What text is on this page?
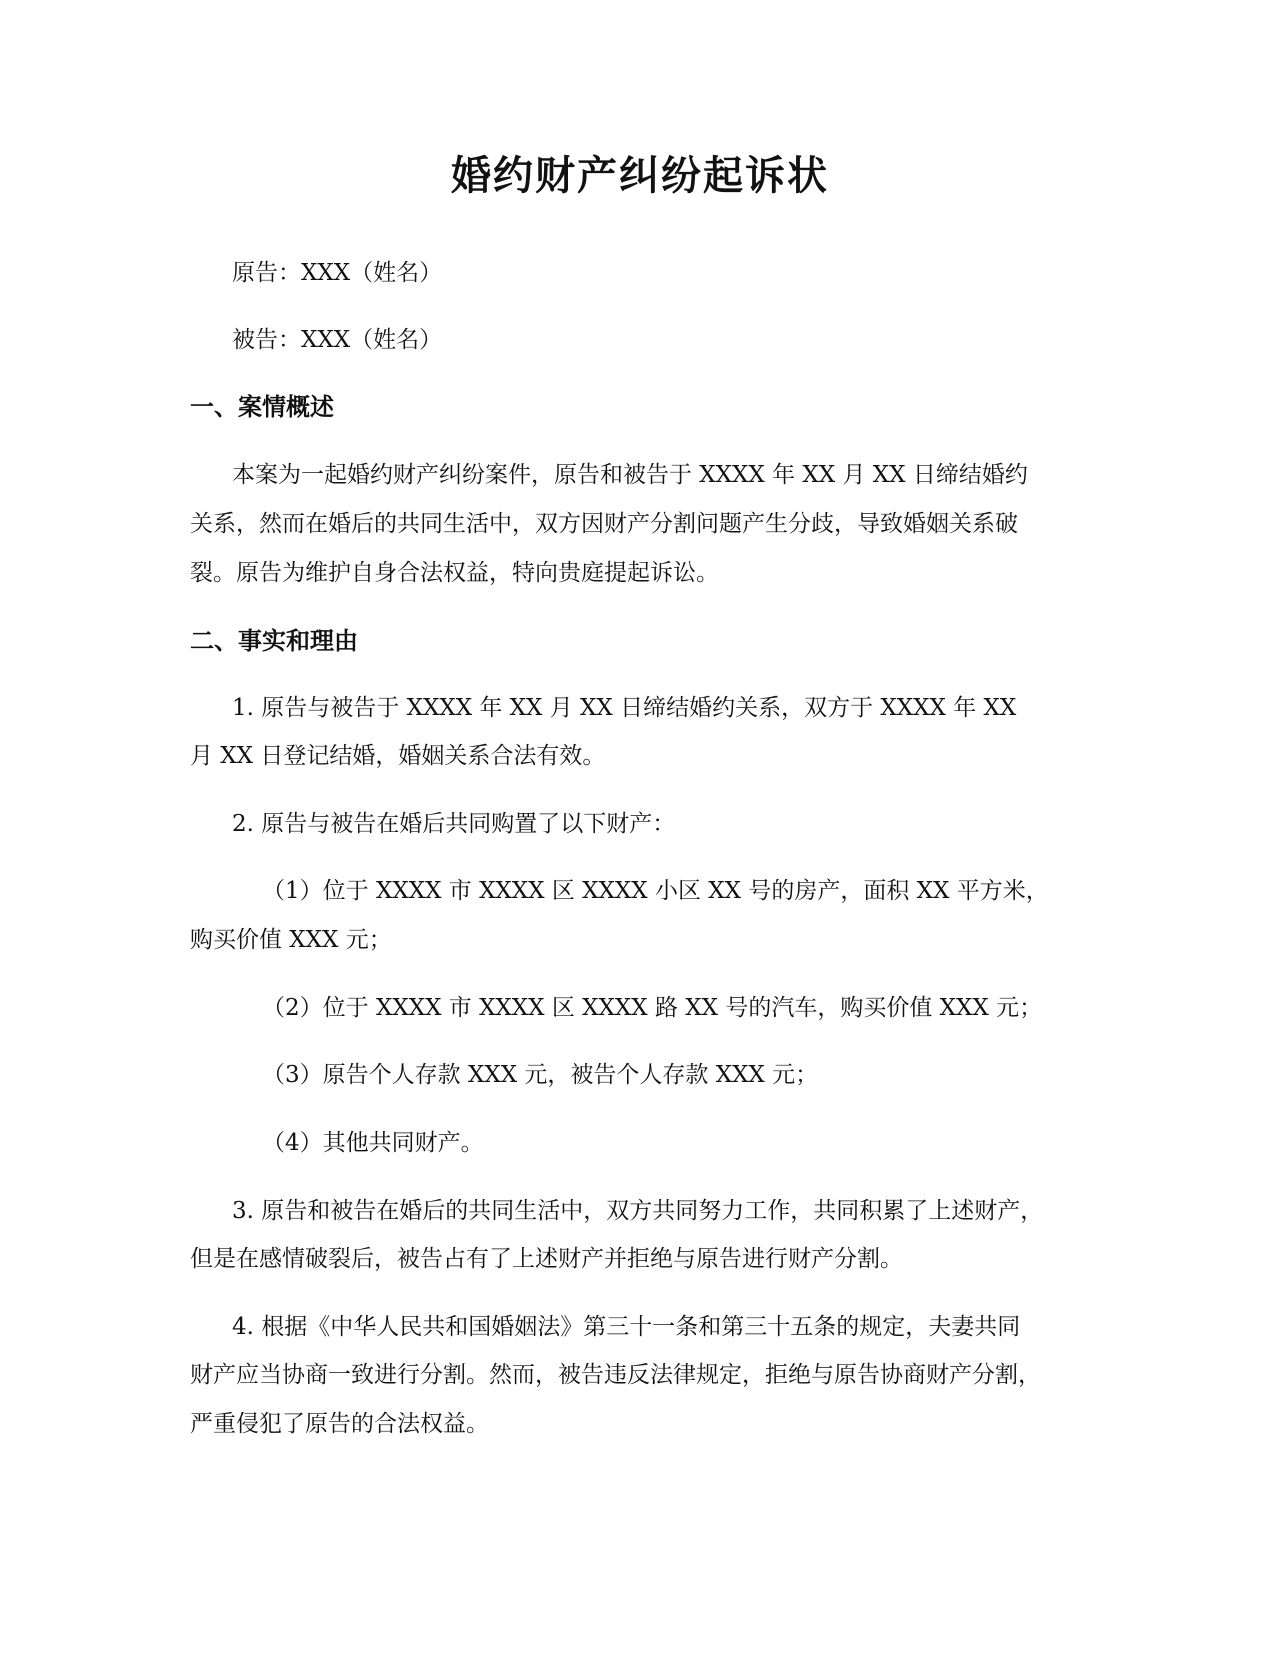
婚约财产纠纷起诉状
原告：XXX（姓名）
被告：XXX（姓名）
一、案情概述
本案为一起婚约财产纠纷案件，原告和被告于 XXXX 年 XX 月 XX 日缔结婚约
关系，然而在婚后的共同生活中，双方因财产分割问题产生分歧，导致婚姻关系破
裂。原告为维护自身合法权益，特向贵庭提起诉讼。
二、事实和理由
1. 原告与被告于 XXXX 年 XX 月 XX 日缔结婚约关系，双方于 XXXX 年 XX
月 XX 日登记结婚，婚姻关系合法有效。
2. 原告与被告在婚后共同购置了以下财产：
（1）位于 XXXX 市 XXXX 区 XXXX 小区 XX 号的房产，面积 XX 平方米，
购买价值 XXX 元；
（2）位于 XXXX 市 XXXX 区 XXXX 路 XX 号的汽车，购买价值 XXX 元；
（3）原告个人存款 XXX 元，被告个人存款 XXX 元；
（4）其他共同财产。
3. 原告和被告在婚后的共同生活中，双方共同努力工作，共同积累了上述财产，
但是在感情破裂后，被告占有了上述财产并拒绝与原告进行财产分割。
4. 根据《中华人民共和国婚姻法》第三十一条和第三十五条的规定，夫妻共同
财产应当协商一致进行分割。然而，被告违反法律规定，拒绝与原告协商财产分割，
严重侵犯了原告的合法权益。
